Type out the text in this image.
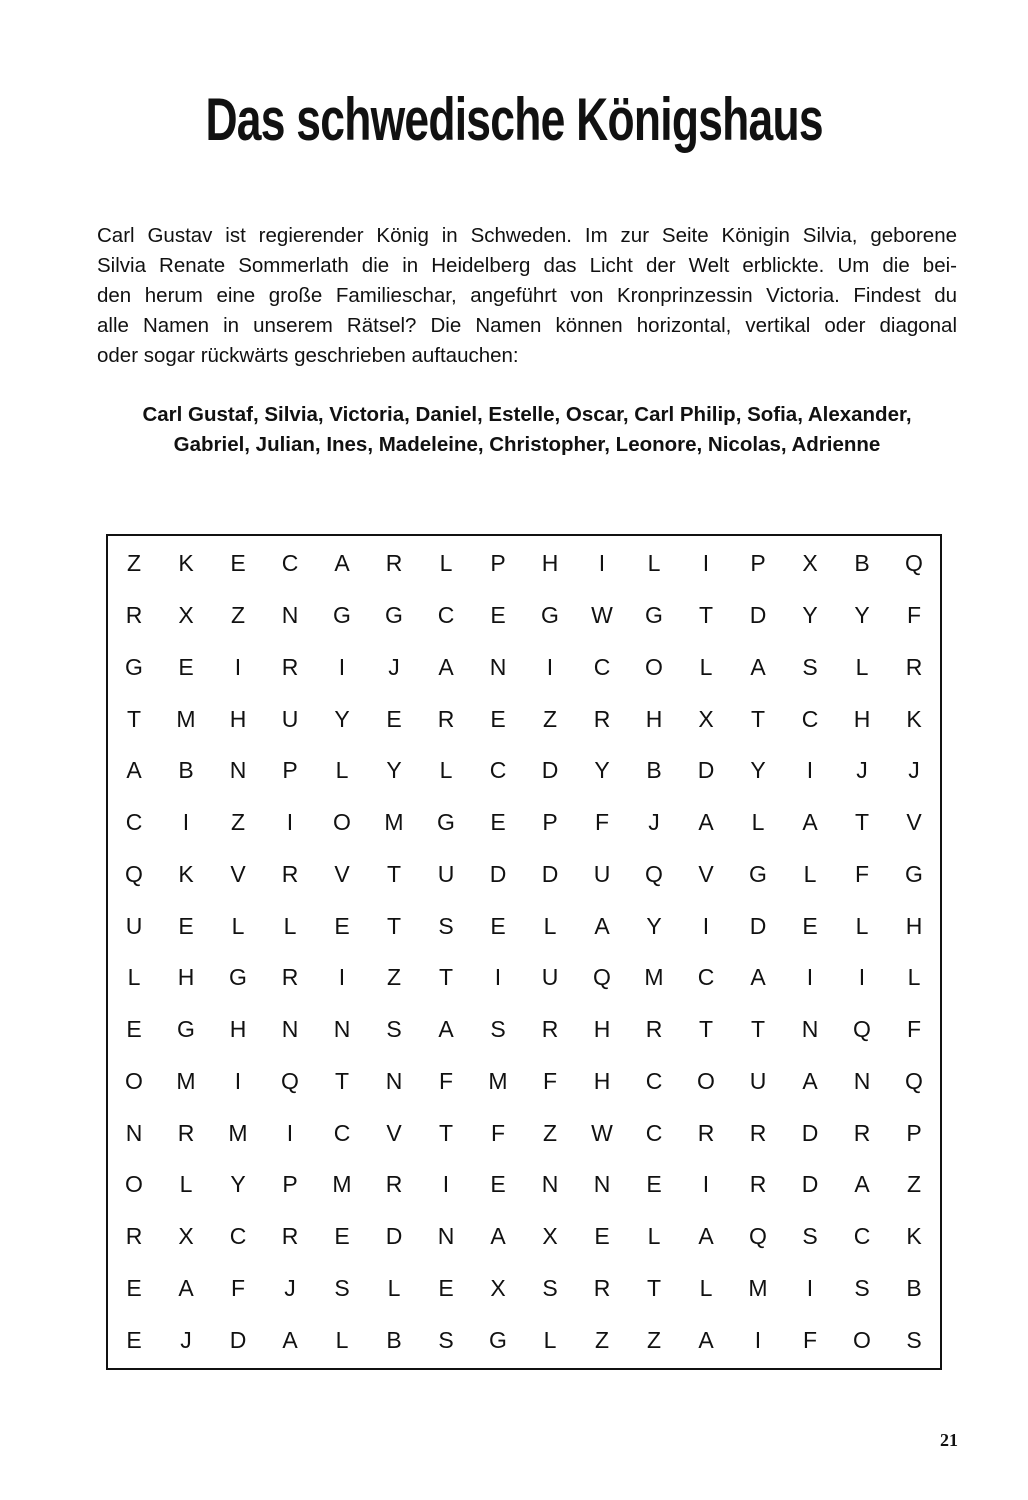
Das schwedische Königshaus
Carl Gustav ist regierender König in Schweden. Im zur Seite Königin Silvia, geborene
Silvia Renate Sommerlath die in Heidelberg das Licht der Welt erblickte. Um die bei-
den herum eine große Familieschar, angeführt von Kronprinzessin Victoria. Findest du
alle Namen in unserem Rätsel? Die Namen können horizontal, vertikal oder diagonal
oder sogar rückwärts geschrieben auftauchen:
Carl Gustaf, Silvia, Victoria, Daniel, Estelle, Oscar, Carl Philip, Sofia, Alexander,
Gabriel, Julian, Ines, Madeleine, Christopher, Leonore, Nicolas, Adrienne
Z	K	E	C	A	R	L	P	H	I	L	I	P	X	B	Q
R	X	Z	N	G	G	C	E	G	W	G	T	D	Y	Y	F
G	E	I	R	I	J	A	N	I	C	O	L	A	S	L	R
T	M	H	U	Y	E	R	E	Z	R	H	X	T	C	H	K
A	B	N	P	L	Y	L	C	D	Y	B	D	Y	I	J	J
C	I	Z	I	O	M	G	E	P	F	J	A	L	A	T	V
Q	K	V	R	V	T	U	D	D	U	Q	V	G	L	F	G
U	E	L	L	E	T	S	E	L	A	Y	I	D	E	L	H
L	H	G	R	I	Z	T	I	U	Q	M	C	A	I	I	L
E	G	H	N	N	S	A	S	R	H	R	T	T	N	Q	F
O	M	I	Q	T	N	F	M	F	H	C	O	U	A	N	Q
N	R	M	I	C	V	T	F	Z	W	C	R	R	D	R	P
O	L	Y	P	M	R	I	E	N	N	E	I	R	D	A	Z
R	X	C	R	E	D	N	A	X	E	L	A	Q	S	C	K
E	A	F	J	S	L	E	X	S	R	T	L	M	I	S	B
E	J	D	A	L	B	S	G	L	Z	Z	A	I	F	O	S
21
